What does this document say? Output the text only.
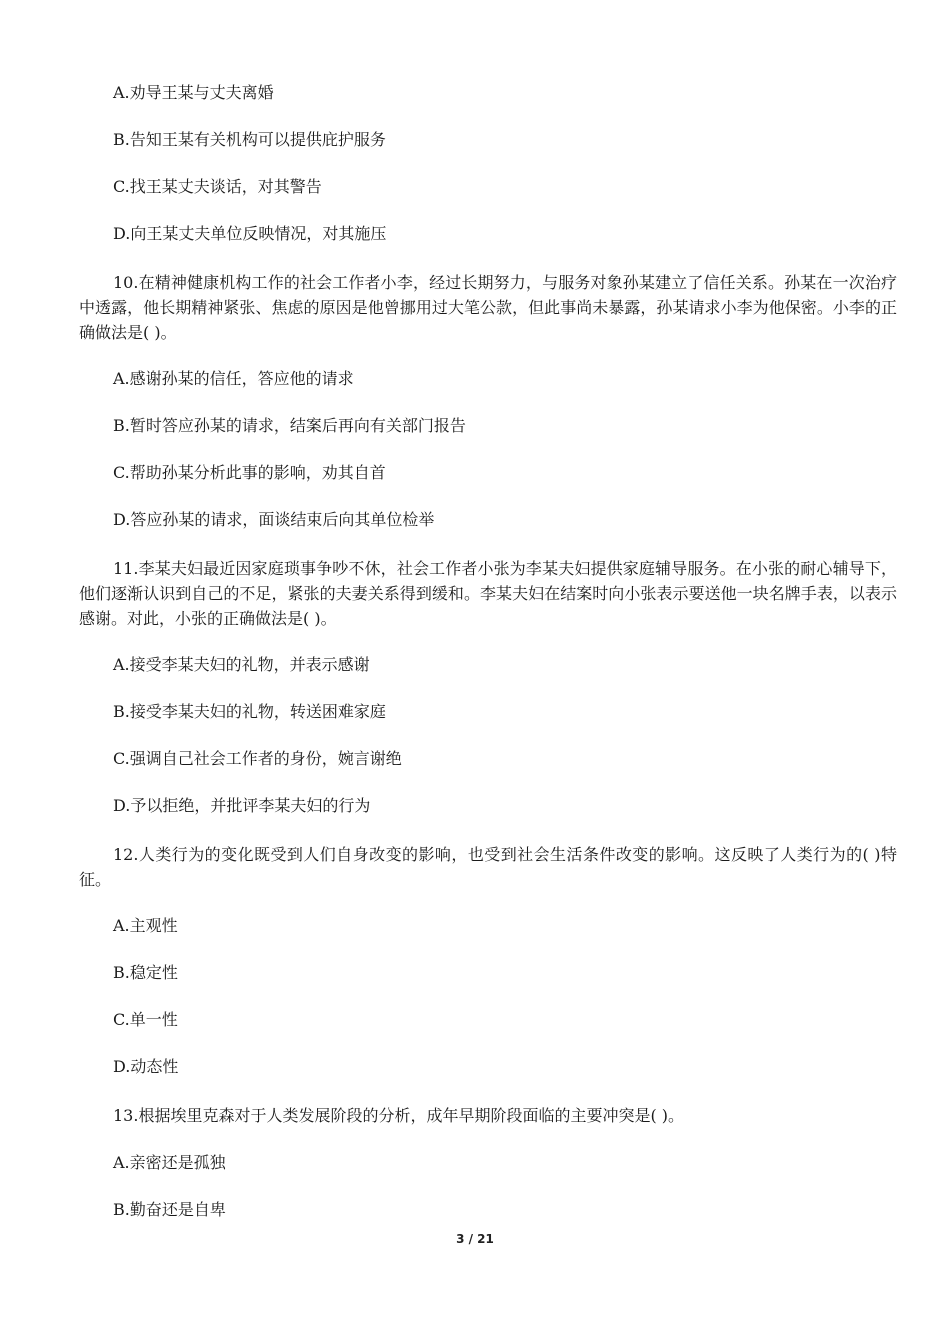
A.劝导王某与丈夫离婚
B.告知王某有关机构可以提供庇护服务
C.找王某丈夫谈话，对其警告
D.向王某丈夫单位反映情况，对其施压
10.在精神健康机构工作的社会工作者小李，经过长期努力，与服务对象孙某建立了信任关系。孙某在一次治疗中透露，他长期精神紧张、焦虑的原因是他曾挪用过大笔公款，但此事尚未暴露，孙某请求小李为他保密。小李的正确做法是( )。
A.感谢孙某的信任，答应他的请求
B.暂时答应孙某的请求，结案后再向有关部门报告
C.帮助孙某分析此事的影响，劝其自首
D.答应孙某的请求，面谈结束后向其单位检举
11.李某夫妇最近因家庭琐事争吵不休，社会工作者小张为李某夫妇提供家庭辅导服务。在小张的耐心辅导下，他们逐渐认识到自己的不足，紧张的夫妻关系得到缓和。李某夫妇在结案时向小张表示要送他一块名牌手表，以表示感谢。对此，小张的正确做法是( )。
A.接受李某夫妇的礼物，并表示感谢
B.接受李某夫妇的礼物，转送困难家庭
C.强调自己社会工作者的身份，婉言谢绝
D.予以拒绝，并批评李某夫妇的行为
12.人类行为的变化既受到人们自身改变的影响，也受到社会生活条件改变的影响。这反映了人类行为的( )特征。
A.主观性
B.稳定性
C.单一性
D.动态性
13.根据埃里克森对于人类发展阶段的分析，成年早期阶段面临的主要冲突是( )。
A.亲密还是孤独
B.勤奋还是自卑
3 / 21
